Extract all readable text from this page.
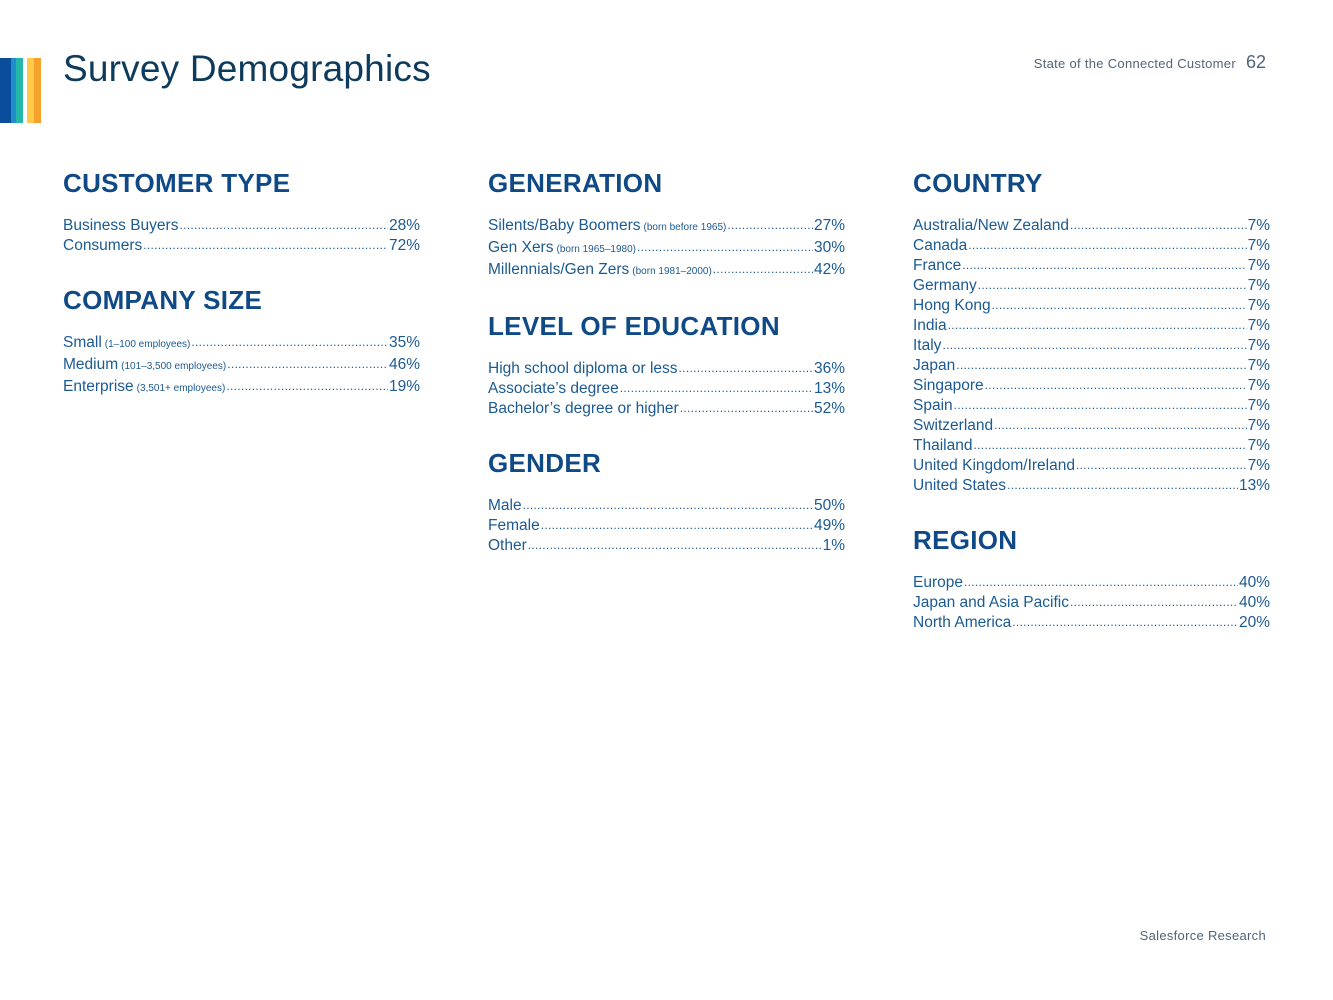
Survey Demographics	State of the Connected Customer 62
CUSTOMER TYPE
Business Buyers .....	28%
Consumers .....	72%
COMPANY SIZE
Small (1–100 employees) .....	35%
Medium (101–3,500 employees) .....	46%
Enterprise (3,501+ employees) .....	19%
GENERATION
Silents/Baby Boomers (born before 1965) .....	27%
Gen Xers (born 1965–1980) .....	30%
Millennials/Gen Zers (born 1981–2000) .....	42%
LEVEL OF EDUCATION
High school diploma or less .....	36%
Associate’s degree .....	13%
Bachelor’s degree or higher .....	52%
GENDER
Male .....	50%
Female .....	49%
Other .....	1%
COUNTRY
Australia/New Zealand .....	7%
Canada .....	7%
France .....	7%
Germany .....	7%
Hong Kong .....	7%
India .....	7%
Italy .....	7%
Japan .....	7%
Singapore .....	7%
Spain .....	7%
Switzerland .....	7%
Thailand .....	7%
United Kingdom/Ireland .....	7%
United States .....	13%
REGION
Europe .....	40%
Japan and Asia Pacific .....	40%
North America .....	20%
Salesforce Research
